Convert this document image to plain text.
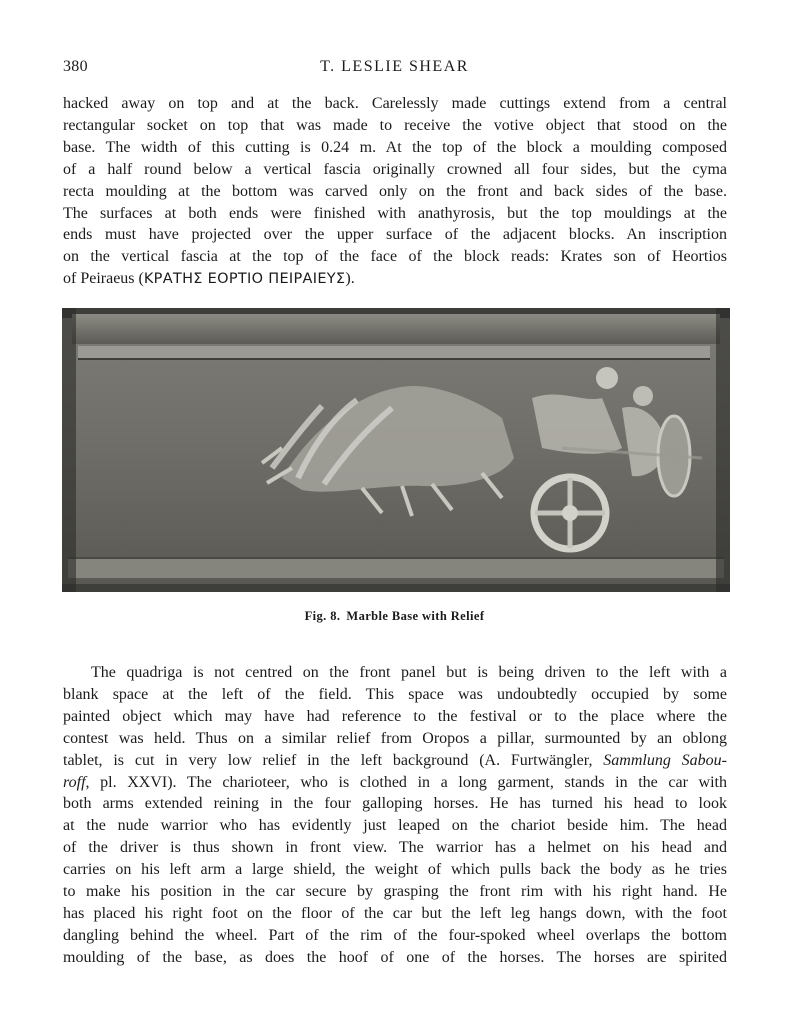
380	T. LESLIE SHEAR

hacked away on top and at the back. Carelessly made cuttings extend from a central
rectangular socket on top that was made to receive the votive object that stood on the
base. The width of this cutting is 0.24 m. At the top of the block a moulding composed
of a half round below a vertical fascia originally crowned all four sides, but the cyma
recta moulding at the bottom was carved only on the front and back sides of the base.
The surfaces at both ends were finished with anathyrosis, but the top mouldings at the
ends must have projected over the upper surface of the adjacent blocks. An inscription
on the vertical fascia at the top of the face of the block reads: Krates son of Heortios
of Peiraeus (ΚΡΑΤΗΣ ΕΟΡΤΙΟ ΠΕΙΡΑΙΕΥΣ).

Fig. 8. Marble Base with Relief

The quadriga is not centred on the front panel but is being driven to the left with a
blank space at the left of the field. This space was undoubtedly occupied by some
painted object which may have had reference to the festival or to the place where the
contest was held. Thus on a similar relief from Oropos a pillar, surmounted by an oblong
tablet, is cut in very low relief in the left background (A. Furtwängler, Sammlung Sabou-
roff, pl. XXVI). The charioteer, who is clothed in a long garment, stands in the car with
both arms extended reining in the four galloping horses. He has turned his head to look
at the nude warrior who has evidently just leaped on the chariot beside him. The head
of the driver is thus shown in front view. The warrior has a helmet on his head and
carries on his left arm a large shield, the weight of which pulls back the body as he tries
to make his position in the car secure by grasping the front rim with his right hand. He
has placed his right foot on the floor of the car but the left leg hangs down, with the foot
dangling behind the wheel. Part of the rim of the four-spoked wheel overlaps the bottom
moulding of the base, as does the hoof of one of the horses. The horses are spirited
